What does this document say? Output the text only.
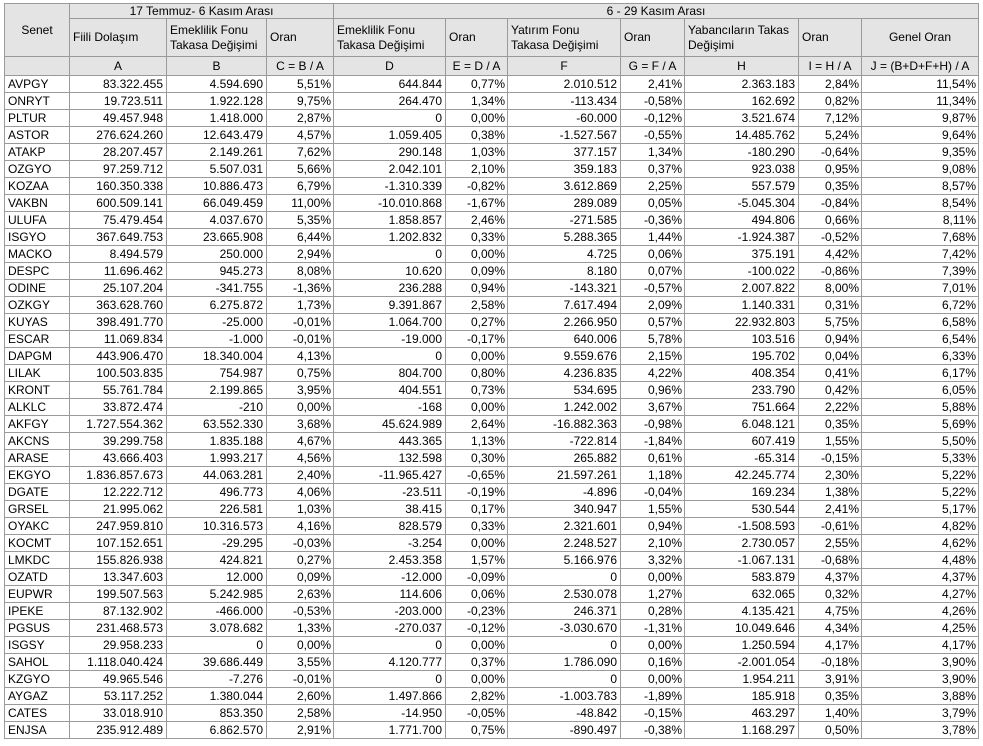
Senet	17 Temmuz- 6 Kasım Arası			6 - 29 Kasım Arası						
	Fiili Dolaşım	Emeklilik Fonu Takasa Değişimi	Oran	Emeklilik Fonu Takasa Değişimi	Oran	Yatırım Fonu Takasa Değişimi	Oran	Yabancıların Takas Değişimi	Oran	Genel Oran
	A	B	C = B / A	D	E = D / A	F	G = F / A	H	I = H / A	J = (B+D+F+H) / A
AVPGY	83.322.455	4.594.690	5,51%	644.844	0,77%	2.010.512	2,41%	2.363.183	2,84%	11,54%
ONRYT	19.723.511	1.922.128	9,75%	264.470	1,34%	-113.434	-0,58%	162.692	0,82%	11,34%
PLTUR	49.457.948	1.418.000	2,87%	0	0,00%	-60.000	-0,12%	3.521.674	7,12%	9,87%
ASTOR	276.624.260	12.643.479	4,57%	1.059.405	0,38%	-1.527.567	-0,55%	14.485.762	5,24%	9,64%
ATAKP	28.207.457	2.149.261	7,62%	290.148	1,03%	377.157	1,34%	-180.290	-0,64%	9,35%
OZGYO	97.259.712	5.507.031	5,66%	2.042.101	2,10%	359.183	0,37%	923.038	0,95%	9,08%
KOZAA	160.350.338	10.886.473	6,79%	-1.310.339	-0,82%	3.612.869	2,25%	557.579	0,35%	8,57%
VAKBN	600.509.141	66.049.459	11,00%	-10.010.868	-1,67%	289.089	0,05%	-5.045.304	-0,84%	8,54%
ULUFA	75.479.454	4.037.670	5,35%	1.858.857	2,46%	-271.585	-0,36%	494.806	0,66%	8,11%
ISGYO	367.649.753	23.665.908	6,44%	1.202.832	0,33%	5.288.365	1,44%	-1.924.387	-0,52%	7,68%
MACKO	8.494.579	250.000	2,94%	0	0,00%	4.725	0,06%	375.191	4,42%	7,42%
DESPC	11.696.462	945.273	8,08%	10.620	0,09%	8.180	0,07%	-100.022	-0,86%	7,39%
ODINE	25.107.204	-341.755	-1,36%	236.288	0,94%	-143.321	-0,57%	2.007.822	8,00%	7,01%
OZKGY	363.628.760	6.275.872	1,73%	9.391.867	2,58%	7.617.494	2,09%	1.140.331	0,31%	6,72%
KUYAS	398.491.770	-25.000	-0,01%	1.064.700	0,27%	2.266.950	0,57%	22.932.803	5,75%	6,58%
ESCAR	11.069.834	-1.000	-0,01%	-19.000	-0,17%	640.006	5,78%	103.516	0,94%	6,54%
DAPGM	443.906.470	18.340.004	4,13%	0	0,00%	9.559.676	2,15%	195.702	0,04%	6,33%
LILAK	100.503.835	754.987	0,75%	804.700	0,80%	4.236.835	4,22%	408.354	0,41%	6,17%
KRONT	55.761.784	2.199.865	3,95%	404.551	0,73%	534.695	0,96%	233.790	0,42%	6,05%
ALKLC	33.872.474	-210	0,00%	-168	0,00%	1.242.002	3,67%	751.664	2,22%	5,88%
AKFGY	1.727.554.362	63.552.330	3,68%	45.624.989	2,64%	-16.882.363	-0,98%	6.048.121	0,35%	5,69%
AKCNS	39.299.758	1.835.188	4,67%	443.365	1,13%	-722.814	-1,84%	607.419	1,55%	5,50%
ARASE	43.666.403	1.993.217	4,56%	132.598	0,30%	265.882	0,61%	-65.314	-0,15%	5,33%
EKGYO	1.836.857.673	44.063.281	2,40%	-11.965.427	-0,65%	21.597.261	1,18%	42.245.774	2,30%	5,22%
DGATE	12.222.712	496.773	4,06%	-23.511	-0,19%	-4.896	-0,04%	169.234	1,38%	5,22%
GRSEL	21.995.062	226.581	1,03%	38.415	0,17%	340.947	1,55%	530.544	2,41%	5,17%
OYAKC	247.959.810	10.316.573	4,16%	828.579	0,33%	2.321.601	0,94%	-1.508.593	-0,61%	4,82%
KOCMT	107.152.651	-29.295	-0,03%	-3.254	0,00%	2.248.527	2,10%	2.730.057	2,55%	4,62%
LMKDC	155.826.938	424.821	0,27%	2.453.358	1,57%	5.166.976	3,32%	-1.067.131	-0,68%	4,48%
OZATD	13.347.603	12.000	0,09%	-12.000	-0,09%	0	0,00%	583.879	4,37%	4,37%
EUPWR	199.507.563	5.242.985	2,63%	114.606	0,06%	2.530.078	1,27%	632.065	0,32%	4,27%
IPEKE	87.132.902	-466.000	-0,53%	-203.000	-0,23%	246.371	0,28%	4.135.421	4,75%	4,26%
PGSUS	231.468.573	3.078.682	1,33%	-270.037	-0,12%	-3.030.670	-1,31%	10.049.646	4,34%	4,25%
ISGSY	29.958.233	0	0,00%	0	0,00%	0	0,00%	1.250.594	4,17%	4,17%
SAHOL	1.118.040.424	39.686.449	3,55%	4.120.777	0,37%	1.786.090	0,16%	-2.001.054	-0,18%	3,90%
KZGYO	49.965.546	-7.276	-0,01%	0	0,00%	0	0,00%	1.954.211	3,91%	3,90%
AYGAZ	53.117.252	1.380.044	2,60%	1.497.866	2,82%	-1.003.783	-1,89%	185.918	0,35%	3,88%
CATES	33.018.910	853.350	2,58%	-14.950	-0,05%	-48.842	-0,15%	463.297	1,40%	3,79%
ENJSA	235.912.489	6.862.570	2,91%	1.771.700	0,75%	-890.497	-0,38%	1.168.297	0,50%	3,78%
